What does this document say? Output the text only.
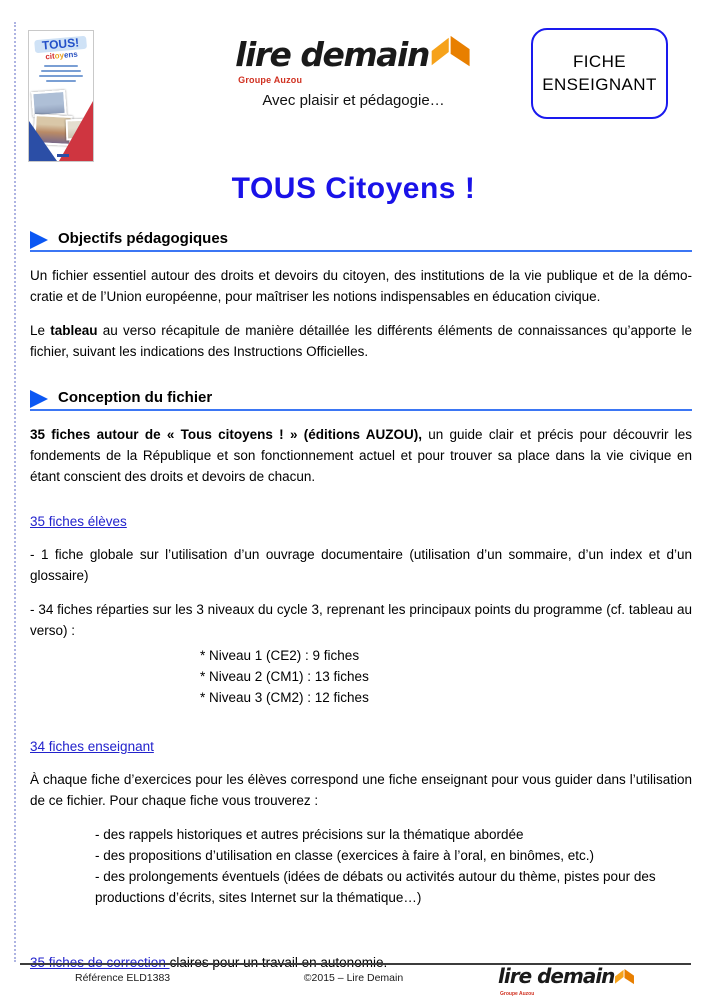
TOUS!
citoyens	lire demain
Groupe Auzou
Avec plaisir et pédagogie…
FICHE
ENSEIGNANT
TOUS Citoyens !
Objectifs pédagogiques

Un fichier essentiel autour des droits et devoirs du citoyen, des institutions de la vie publique et de la démo-cratie et de l’Union européenne, pour maîtriser les notions indispensables en éducation civique.

Le tableau au verso récapitule de manière détaillée les différents éléments de connaissances qu’apporte le fichier, suivant les indications des Instructions Officielles.

Conception du fichier

35 fiches autour de « Tous citoyens ! » (éditions AUZOU), un guide clair et précis pour découvrir les fondements de la République et son fonctionnement actuel et pour trouver sa place dans la vie civique en étant conscient des droits et devoirs de chacun.

35 fiches élèves

- 1 fiche globale sur l’utilisation d’un ouvrage documentaire (utilisation d’un sommaire, d’un index et d’un glossaire)

- 34 fiches réparties sur les 3 niveaux du cycle 3, reprenant les principaux points du programme (cf. tableau au verso) :

* Niveau 1 (CE2) : 9 fiches
* Niveau 2 (CM1) : 13 fiches
* Niveau 3 (CM2) : 12 fiches
34 fiches enseignant

À chaque fiche d’exercices pour les élèves correspond une fiche enseignant pour vous guider dans l’utilisation de ce fichier. Pour chaque fiche vous trouverez :

- des rappels historiques et autres précisions sur la thématique abordée
- des propositions d’utilisation en classe (exercices à faire à l’oral, en binômes, etc.)
- des prolongements éventuels (idées de débats ou activités autour du thème, pistes pour des productions d’écrits, sites Internet sur la thématique…)
35 fiches de correction claires pour un travail en autonomie.
Référence ELD1383	©2015 – Lire Demain	lire demain
Groupe Auzou
